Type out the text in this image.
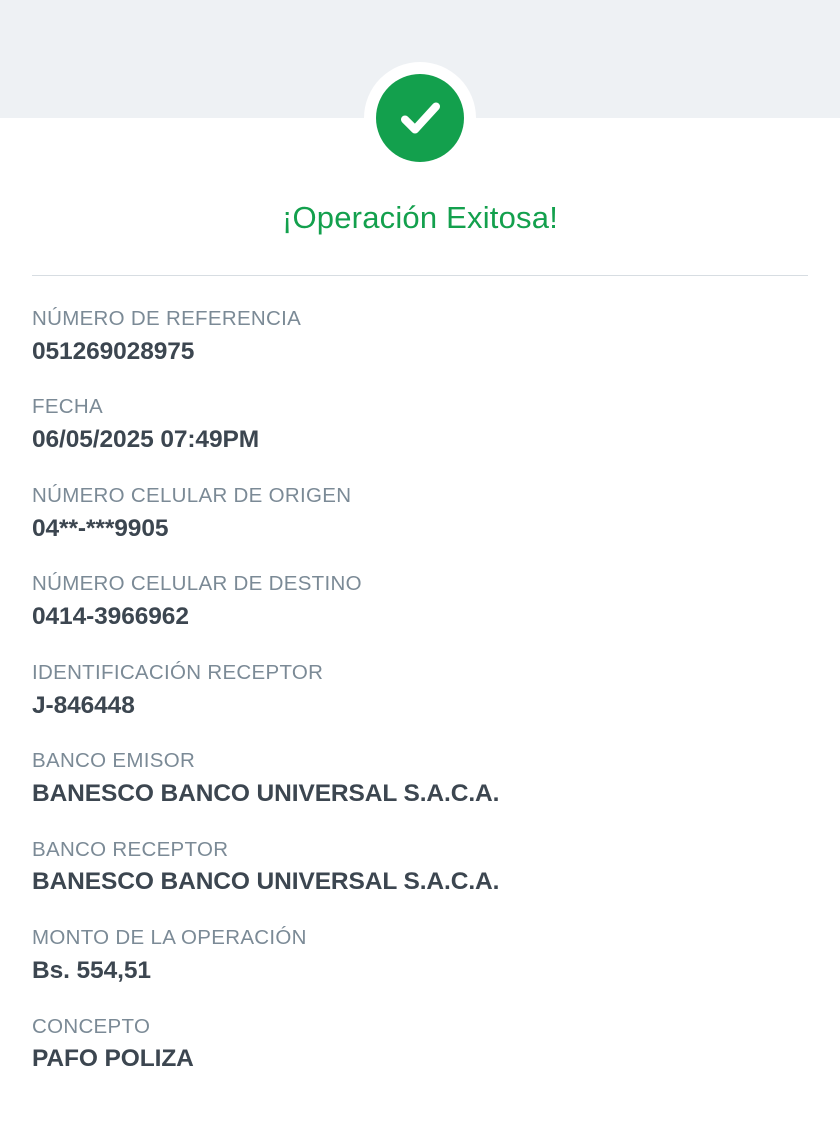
¡Operación Exitosa!
NÚMERO DE REFERENCIA
051269028975
FECHA
06/05/2025 07:49PM
NÚMERO CELULAR DE ORIGEN
04**-***9905
NÚMERO CELULAR DE DESTINO
0414-3966962
IDENTIFICACIÓN RECEPTOR
J-846448
BANCO EMISOR
BANESCO BANCO UNIVERSAL S.A.C.A.
BANCO RECEPTOR
BANESCO BANCO UNIVERSAL S.A.C.A.
MONTO DE LA OPERACIÓN
Bs. 554,51
CONCEPTO
PAFO POLIZA
